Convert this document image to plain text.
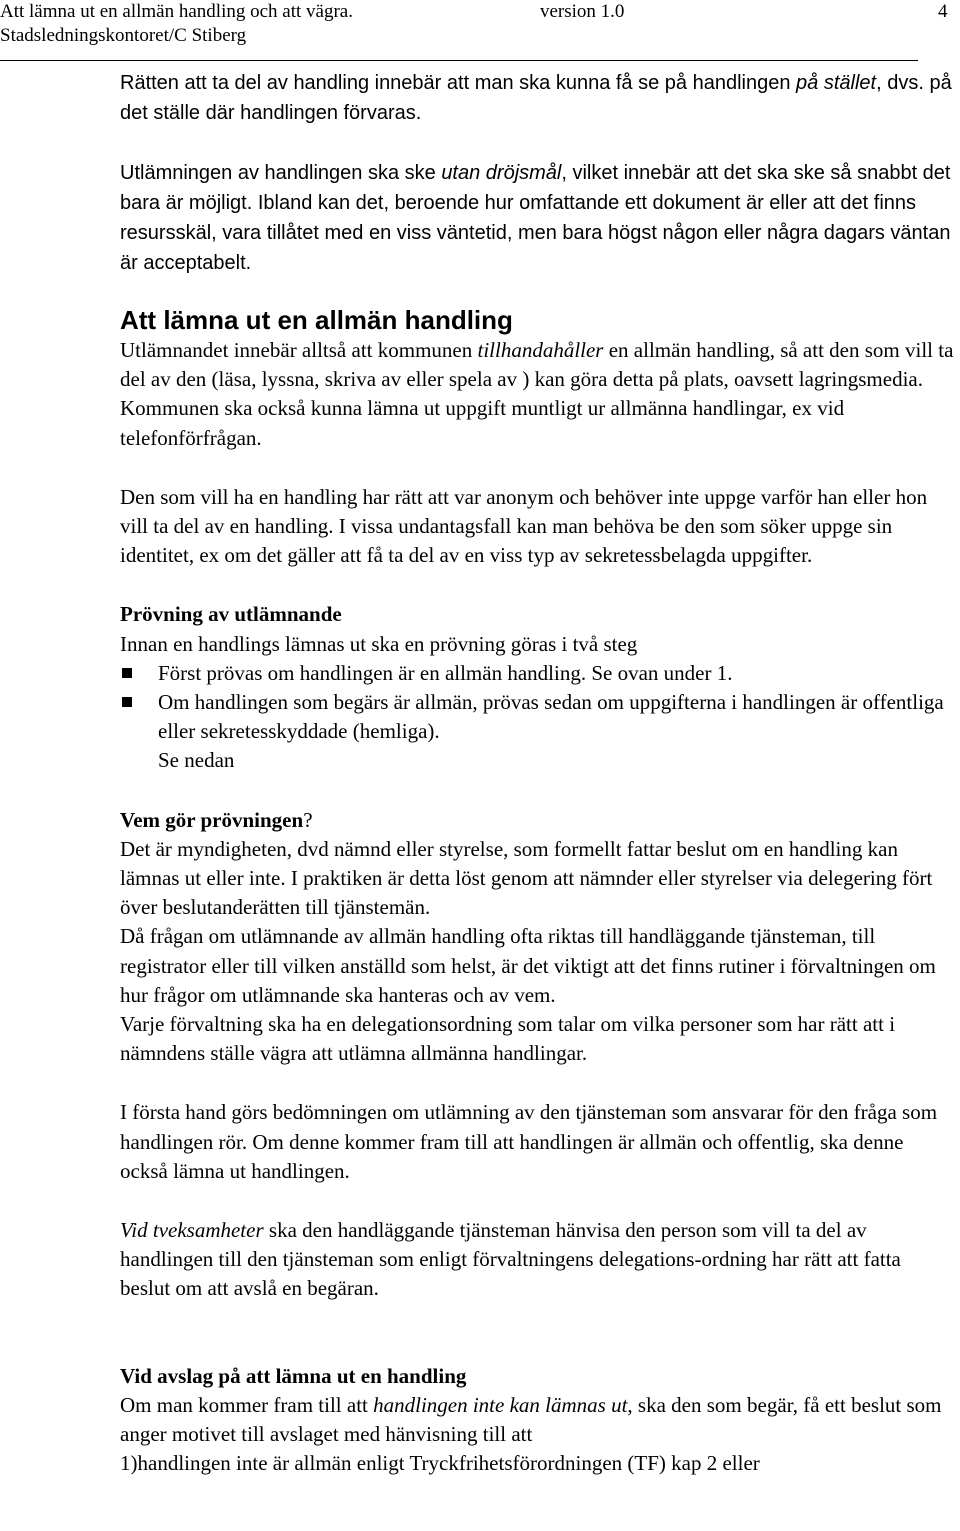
Att lämna ut en allmän handling och att vägra.
Stadsledningskontoret/C Stiberg
version 1.0	4

Rätten att ta del av handling innebär att man ska kunna få se på handlingen på stället, dvs. på det ställe där handlingen förvaras.

Utlämningen av handlingen ska ske utan dröjsmål, vilket innebär att det ska ske så snabbt det bara är möjligt. Ibland kan det, beroende hur omfattande ett dokument är eller att det finns resursskäl, vara tillåtet med en viss väntetid, men bara högst någon eller några dagars väntan är acceptabelt.

Att lämna ut en allmän handling

Utlämnandet innebär alltså att kommunen tillhandahåller en allmän handling, så att den som vill ta del av den (läsa, lyssna, skriva av eller spela av ) kan göra detta på plats, oavsett lagringsmedia. Kommunen ska också kunna lämna ut uppgift muntligt ur allmänna handlingar, ex vid telefonförfrågan.

Den som vill ha en handling har rätt att var anonym och behöver inte uppge varför han eller hon vill ta del av en handling. I vissa undantagsfall kan man behöva be den som söker uppge sin identitet, ex om det gäller att få ta del av en viss typ av sekretessbelagda uppgifter.

Prövning av utlämnande

Innan en handlings lämnas ut ska en prövning göras i två steg

Först prövas om handlingen är en allmän handling. Se ovan under 1.
Om handlingen som begärs är allmän, prövas sedan om uppgifterna i handlingen är offentliga eller sekretesskyddade (hemliga).
Se nedan
Vem gör prövningen?

Det är myndigheten, dvd nämnd eller styrelse, som formellt fattar beslut om en handling kan lämnas ut eller inte. I praktiken är detta löst genom att nämnder eller styrelser via delegering fört över beslutanderätten till tjänstemän.

Då frågan om utlämnande av allmän handling ofta riktas till handläggande tjänsteman, till registrator eller till vilken anställd som helst, är det viktigt att det finns rutiner i förvaltningen om hur frågor om utlämnande ska hanteras och av vem.

Varje förvaltning ska ha en delegationsordning som talar om vilka personer som har rätt att i nämndens ställe vägra att utlämna allmänna handlingar.

I första hand görs bedömningen om utlämning av den tjänsteman som ansvarar för den fråga som handlingen rör. Om denne kommer fram till att handlingen är allmän och offentlig, ska denne också lämna ut handlingen.

Vid tveksamheter ska den handläggande tjänsteman hänvisa den person som vill ta del av handlingen till den tjänsteman som enligt förvaltningens delegations-ordning har rätt att fatta beslut om att avslå en begäran.

Vid avslag på att lämna ut en handling

Om man kommer fram till att handlingen inte kan lämnas ut, ska den som begär, få ett beslut som anger motivet till avslaget med hänvisning till att

1)handlingen inte är allmän enligt Tryckfrihetsförordningen (TF) kap 2 eller
